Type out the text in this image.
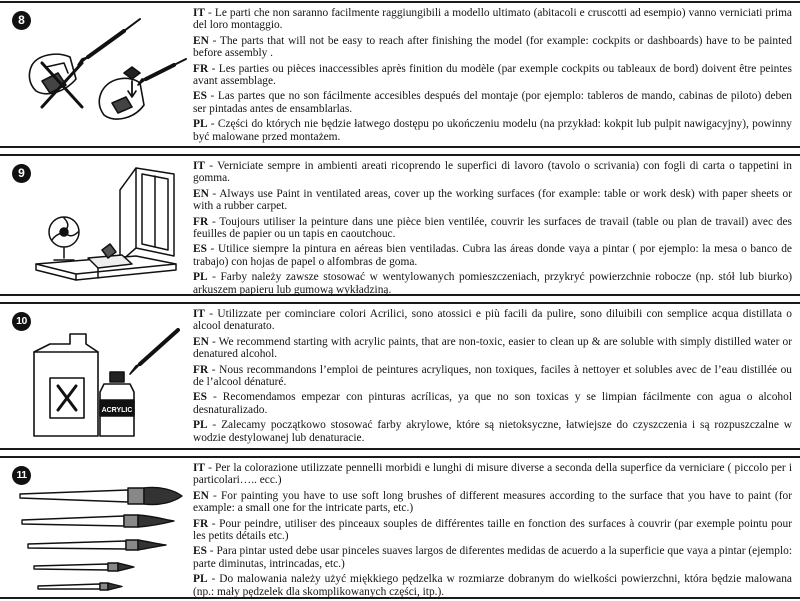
8	IT - Le parti che non saranno facilmente raggiungibili a modello ultimato (abitacoli e cruscotti ad esempio) vanno verniciati prima del loro montaggio.

EN - The parts that will not be easy to reach after finishing the model (for example: cockpits or dashboards) have to be painted before assembly .

FR - Les parties ou pièces inaccessibles après finition du modèle (par exemple cockpits ou tableaux de bord) doivent être peintes avant assemblage.

ES - Las partes que no son fácilmente accesibles después del montaje (por ejemplo: tableros de mando, cabinas de piloto) deben ser pintadas antes de ensamblarlas.

PL - Części do których nie będzie łatwego dostępu po ukończeniu modelu (na przykład: kokpit lub pulpit nawigacyjny), powinny być malowane przed montażem.

9	IT - Verniciate sempre in ambienti areati ricoprendo le superfici di lavoro (tavolo o scrivania) con fogli di carta o tappetini in gomma.

EN - Always use Paint in ventilated areas, cover up the working surfaces (for example: table or work desk) with paper sheets or with a rubber carpet.

FR - Toujours utiliser la peinture dans une pièce bien ventilée, couvrir les surfaces de travail (table ou plan de travail) avec des feuilles de papier ou un tapis en caoutchouc.

ES - Utilice siempre la pintura en aéreas bien ventiladas. Cubra las áreas donde vaya a pintar ( por ejemplo: la mesa o banco de trabajo) con hojas de papel o alfombras de goma.

PL - Farby należy zawsze stosować w wentylowanych pomieszczeniach, przykryć powierzchnie robocze (np. stół lub biurko) arkuszem papieru lub gumową wykładziną.

10
ACRYLIC

IT - Utilizzate per cominciare colori Acrilici, sono atossici e più facili da pulire, sono diluibili con semplice acqua distillata o alcool denaturato.

EN - We recommend starting with acrylic paints, that are non-toxic, easier to clean up & are soluble with simply distilled water or denatured alcohol.

FR - Nous recommandons l’emploi de peintures acryliques, non toxiques, faciles à nettoyer et solubles avec de l’eau distillée ou de l’alcool dénaturé.

ES - Recomendamos empezar con pinturas acrílicas, ya que no son toxicas y se limpian fácilmente con agua o alcohol desnaturalizado.

PL - Zalecamy początkowo stosować farby akrylowe, które są nietoksyczne, łatwiejsze do czyszczenia i są rozpuszczalne w wodzie destylowanej lub denaturacie.

11

IT - Per la colorazione utilizzate pennelli morbidi e lunghi di misure diverse a seconda della superfice da verniciare ( piccolo per i particolari….. ecc.)

EN - For painting you have to use soft long brushes of different measures according to the surface that you have to paint (for example: a small one for the intricate parts, etc.)

FR - Pour peindre, utiliser des pinceaux souples de différentes taille en fonction des surfaces à couvrir (par exemple pointu pour les petits détails etc.)

ES - Para pintar usted debe usar pinceles suaves largos de diferentes medidas de acuerdo a la superficie que vaya a pintar (ejemplo: parte diminutas, intrincadas, etc.)

PL - Do malowania należy użyć miękkiego pędzelka w rozmiarze dobranym do wielkości powierzchni, która będzie malowana (np.: mały pędzelek dla skomplikowanych części, itp.).
